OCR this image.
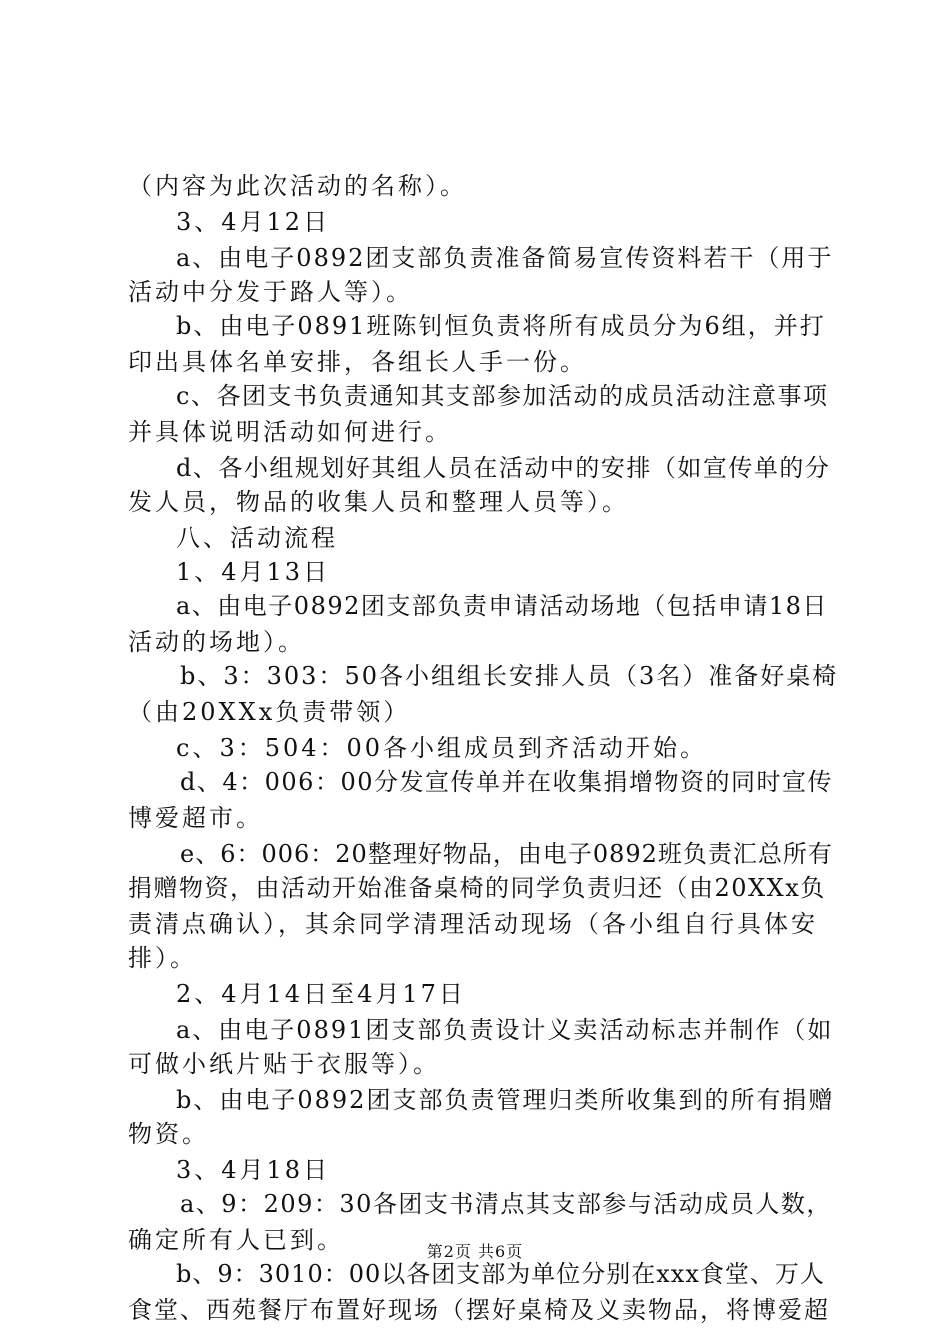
（内容为此次活动的名称）。
3、4月12日
a、由电子0892团支部负责准备简易宣传资料若干（用于
活动中分发于路人等）。
b、由电子0891班陈钊恒负责将所有成员分为6组，并打
印出具体名单安排，各组长人手一份。
c、各团支书负责通知其支部参加活动的成员活动注意事项
并具体说明活动如何进行。
d、各小组规划好其组人员在活动中的安排（如宣传单的分
发人员，物品的收集人员和整理人员等）。
八、活动流程
1、4月13日
a、由电子0892团支部负责申请活动场地（包括申请18日
活动的场地）。
b、3：303：50各小组组长安排人员（3名）准备好桌椅
（由20XXx负责带领）
c、3：504：00各小组成员到齐活动开始。
d、4：006：00分发宣传单并在收集捐增物资的同时宣传
博爱超市。
e、6：006：20整理好物品，由电子0892班负责汇总所有
捐赠物资，由活动开始准备桌椅的同学负责归还（由20XXx负
责清点确认），其余同学清理活动现场（各小组自行具体安
排）。
2、4月14日至4月17日
a、由电子0891团支部负责设计义卖活动标志并制作（如
可做小纸片贴于衣服等）。
b、由电子0892团支部负责管理归类所收集到的所有捐赠
物资。
3、4月18日
a、9：209：30各团支书清点其支部参与活动成员人数，
确定所有人已到。
b、9：3010：00以各团支部为单位分别在xxx食堂、万人
食堂、西苑餐厅布置好现场（摆好桌椅及义卖物品，将博爱超
第2页 共6页
